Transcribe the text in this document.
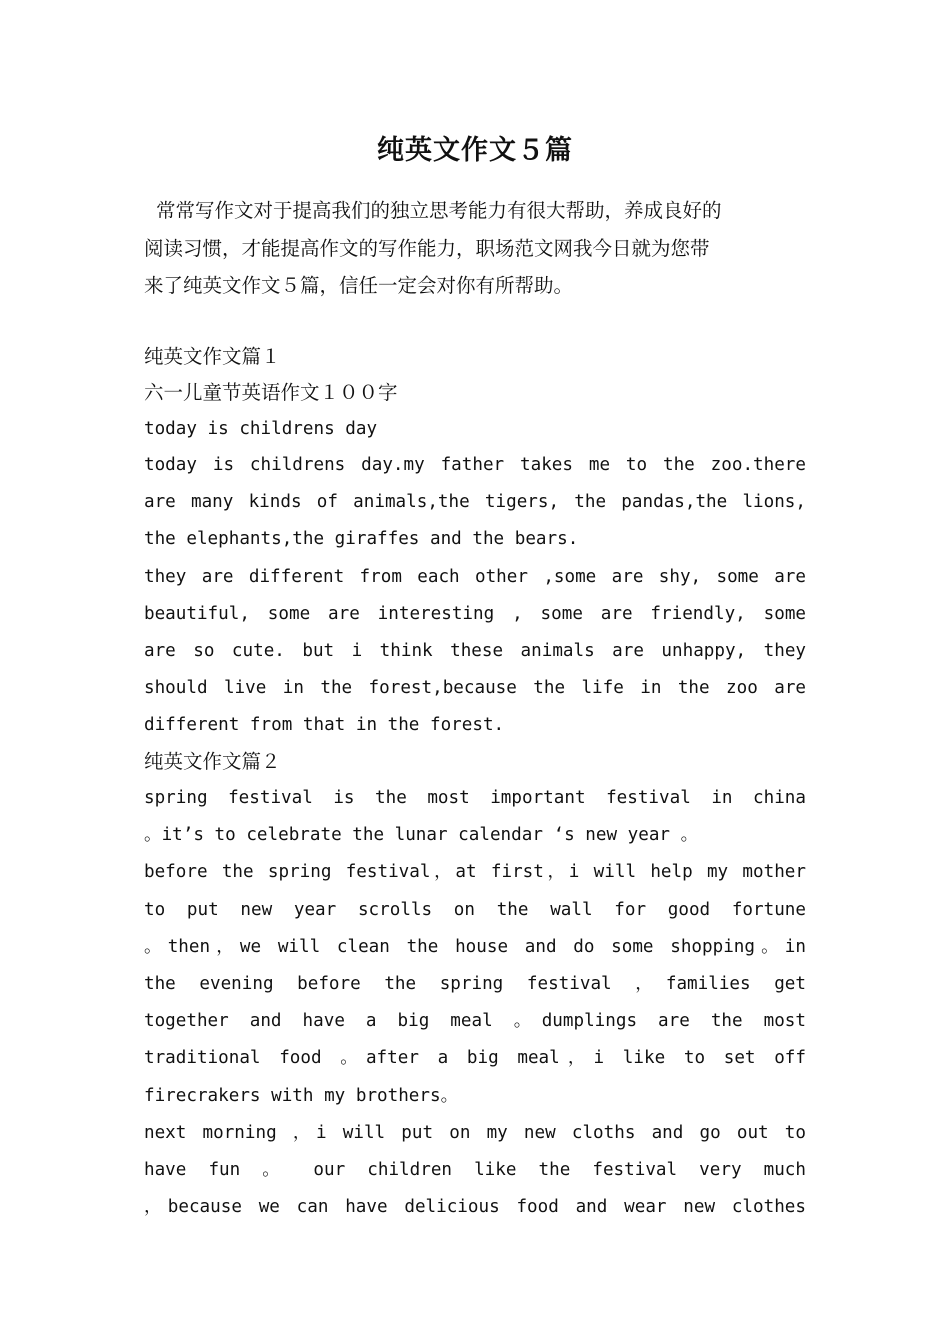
纯英文作文５篇
常常写作文对于提高我们的独立思考能力有很大帮助，养成良好的
阅读习惯，才能提高作文的写作能力，职场范文网我今日就为您带
来了纯英文作文５篇，信任一定会对你有所帮助。
纯英文作文篇１
六一儿童节英语作文１００字
today is childrens day
today is childrens day.my father takes me to the zoo.there
are many kinds of animals,the tigers, the pandas,the lions,
the elephants,the giraffes and the bears.
they are different from each other ,some are shy, some are
beautiful, some are interesting , some are friendly, some
are so cute. but i think these animals are unhappy, they
should live in the forest,because the life in the zoo are
different from that in the forest.
纯英文作文篇２
spring festival is the most important festival in china
。it’s to celebrate the lunar calendar ‘s new year 。
before the spring festival，at first，i will help my mother
to put new year scrolls on the wall for good fortune
。then，we will clean the house and do some shopping。in
the evening before the spring festival ，families get
together and have a big meal 。dumplings are the most
traditional food 。after a big meal，i like to set off
firecrakers with my brothers。
next morning ，i will put on my new cloths and go out to
have fun 。 our children like the festival very much
，because we can have delicious food and wear new clothes
